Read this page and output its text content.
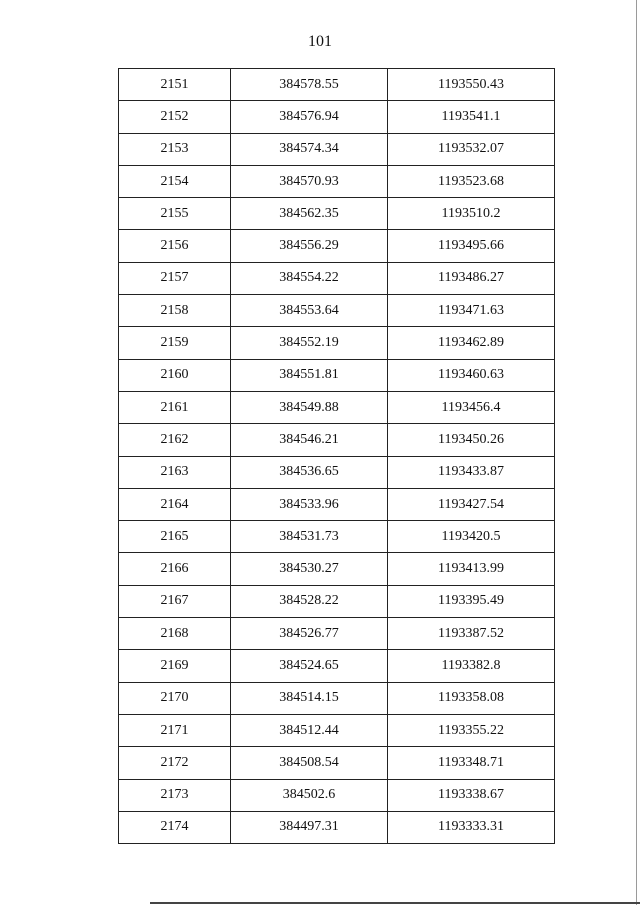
101
2151	384578.55	1193550.43
2152	384576.94	1193541.1
2153	384574.34	1193532.07
2154	384570.93	1193523.68
2155	384562.35	1193510.2
2156	384556.29	1193495.66
2157	384554.22	1193486.27
2158	384553.64	1193471.63
2159	384552.19	1193462.89
2160	384551.81	1193460.63
2161	384549.88	1193456.4
2162	384546.21	1193450.26
2163	384536.65	1193433.87
2164	384533.96	1193427.54
2165	384531.73	1193420.5
2166	384530.27	1193413.99
2167	384528.22	1193395.49
2168	384526.77	1193387.52
2169	384524.65	1193382.8
2170	384514.15	1193358.08
2171	384512.44	1193355.22
2172	384508.54	1193348.71
2173	384502.6	1193338.67
2174	384497.31	1193333.31
